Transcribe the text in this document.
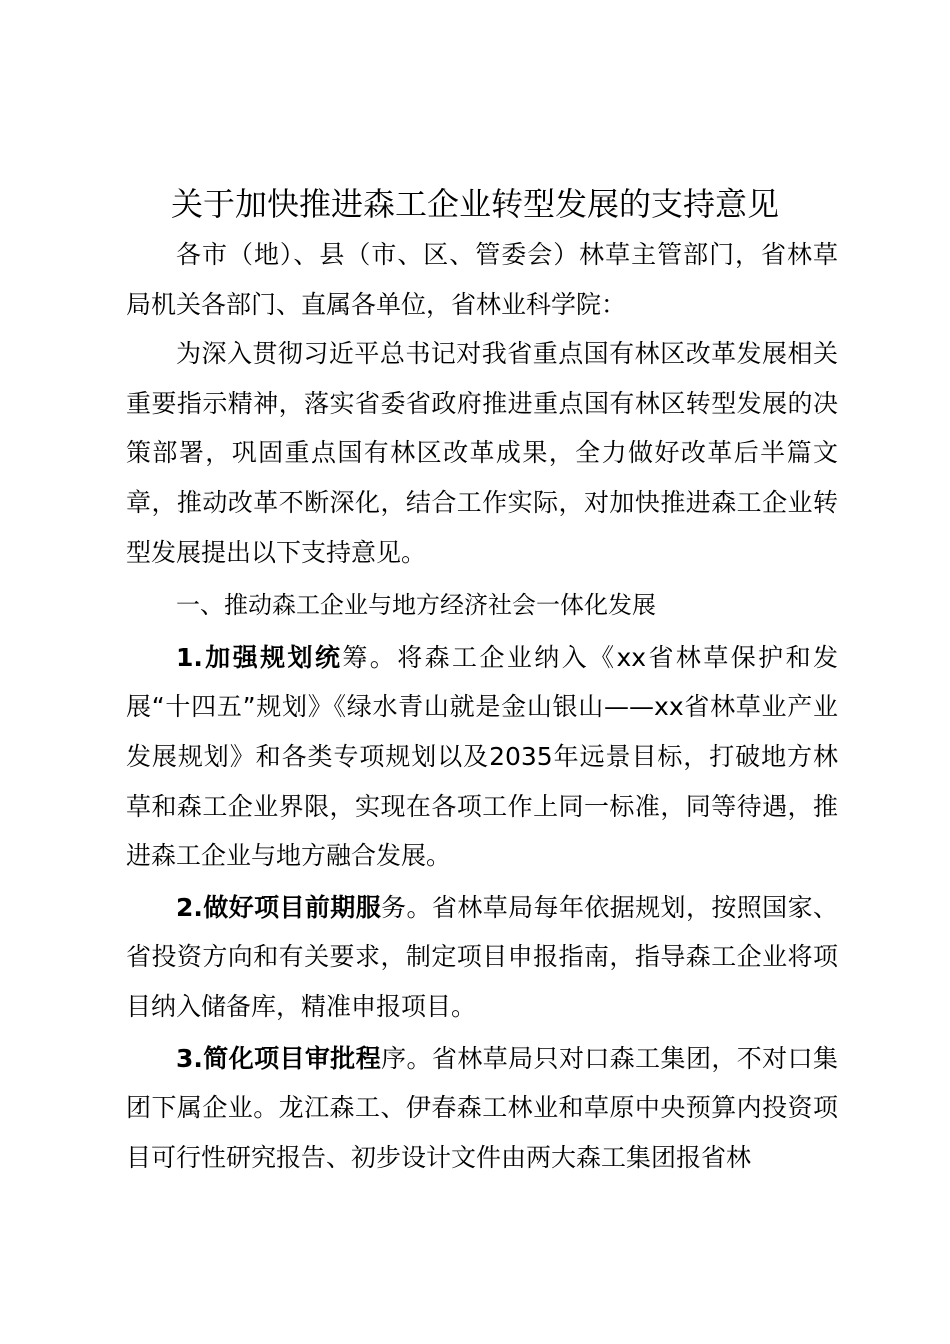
关于加快推进森工企业转型发展的支持意见

各市（地）、县（市、区、管委会）林草主管部门，省林草局机关各部门、直属各单位，省林业科学院：

为深入贯彻习近平总书记对我省重点国有林区改革发展相关重要指示精神，落实省委省政府推进重点国有林区转型发展的决策部署，巩固重点国有林区改革成果，全力做好改革后半篇文章，推动改革不断深化，结合工作实际，对加快推进森工企业转型发展提出以下支持意见。

一、推动森工企业与地方经济社会一体化发展

1.加强规划统筹。将森工企业纳入《xx省林草保护和发展“十四五”规划》《绿水青山就是金山银山——xx省林草业产业发展规划》和各类专项规划以及2035年远景目标，打破地方林草和森工企业界限，实现在各项工作上同一标准，同等待遇，推进森工企业与地方融合发展。

2.做好项目前期服务。省林草局每年依据规划，按照国家、省投资方向和有关要求，制定项目申报指南，指导森工企业将项目纳入储备库，精准申报项目。

3.简化项目审批程序。省林草局只对口森工集团，不对口集团下属企业。龙江森工、伊春森工林业和草原中央预算内投资项目可行性研究报告、初步设计文件由两大森工集团报省林
